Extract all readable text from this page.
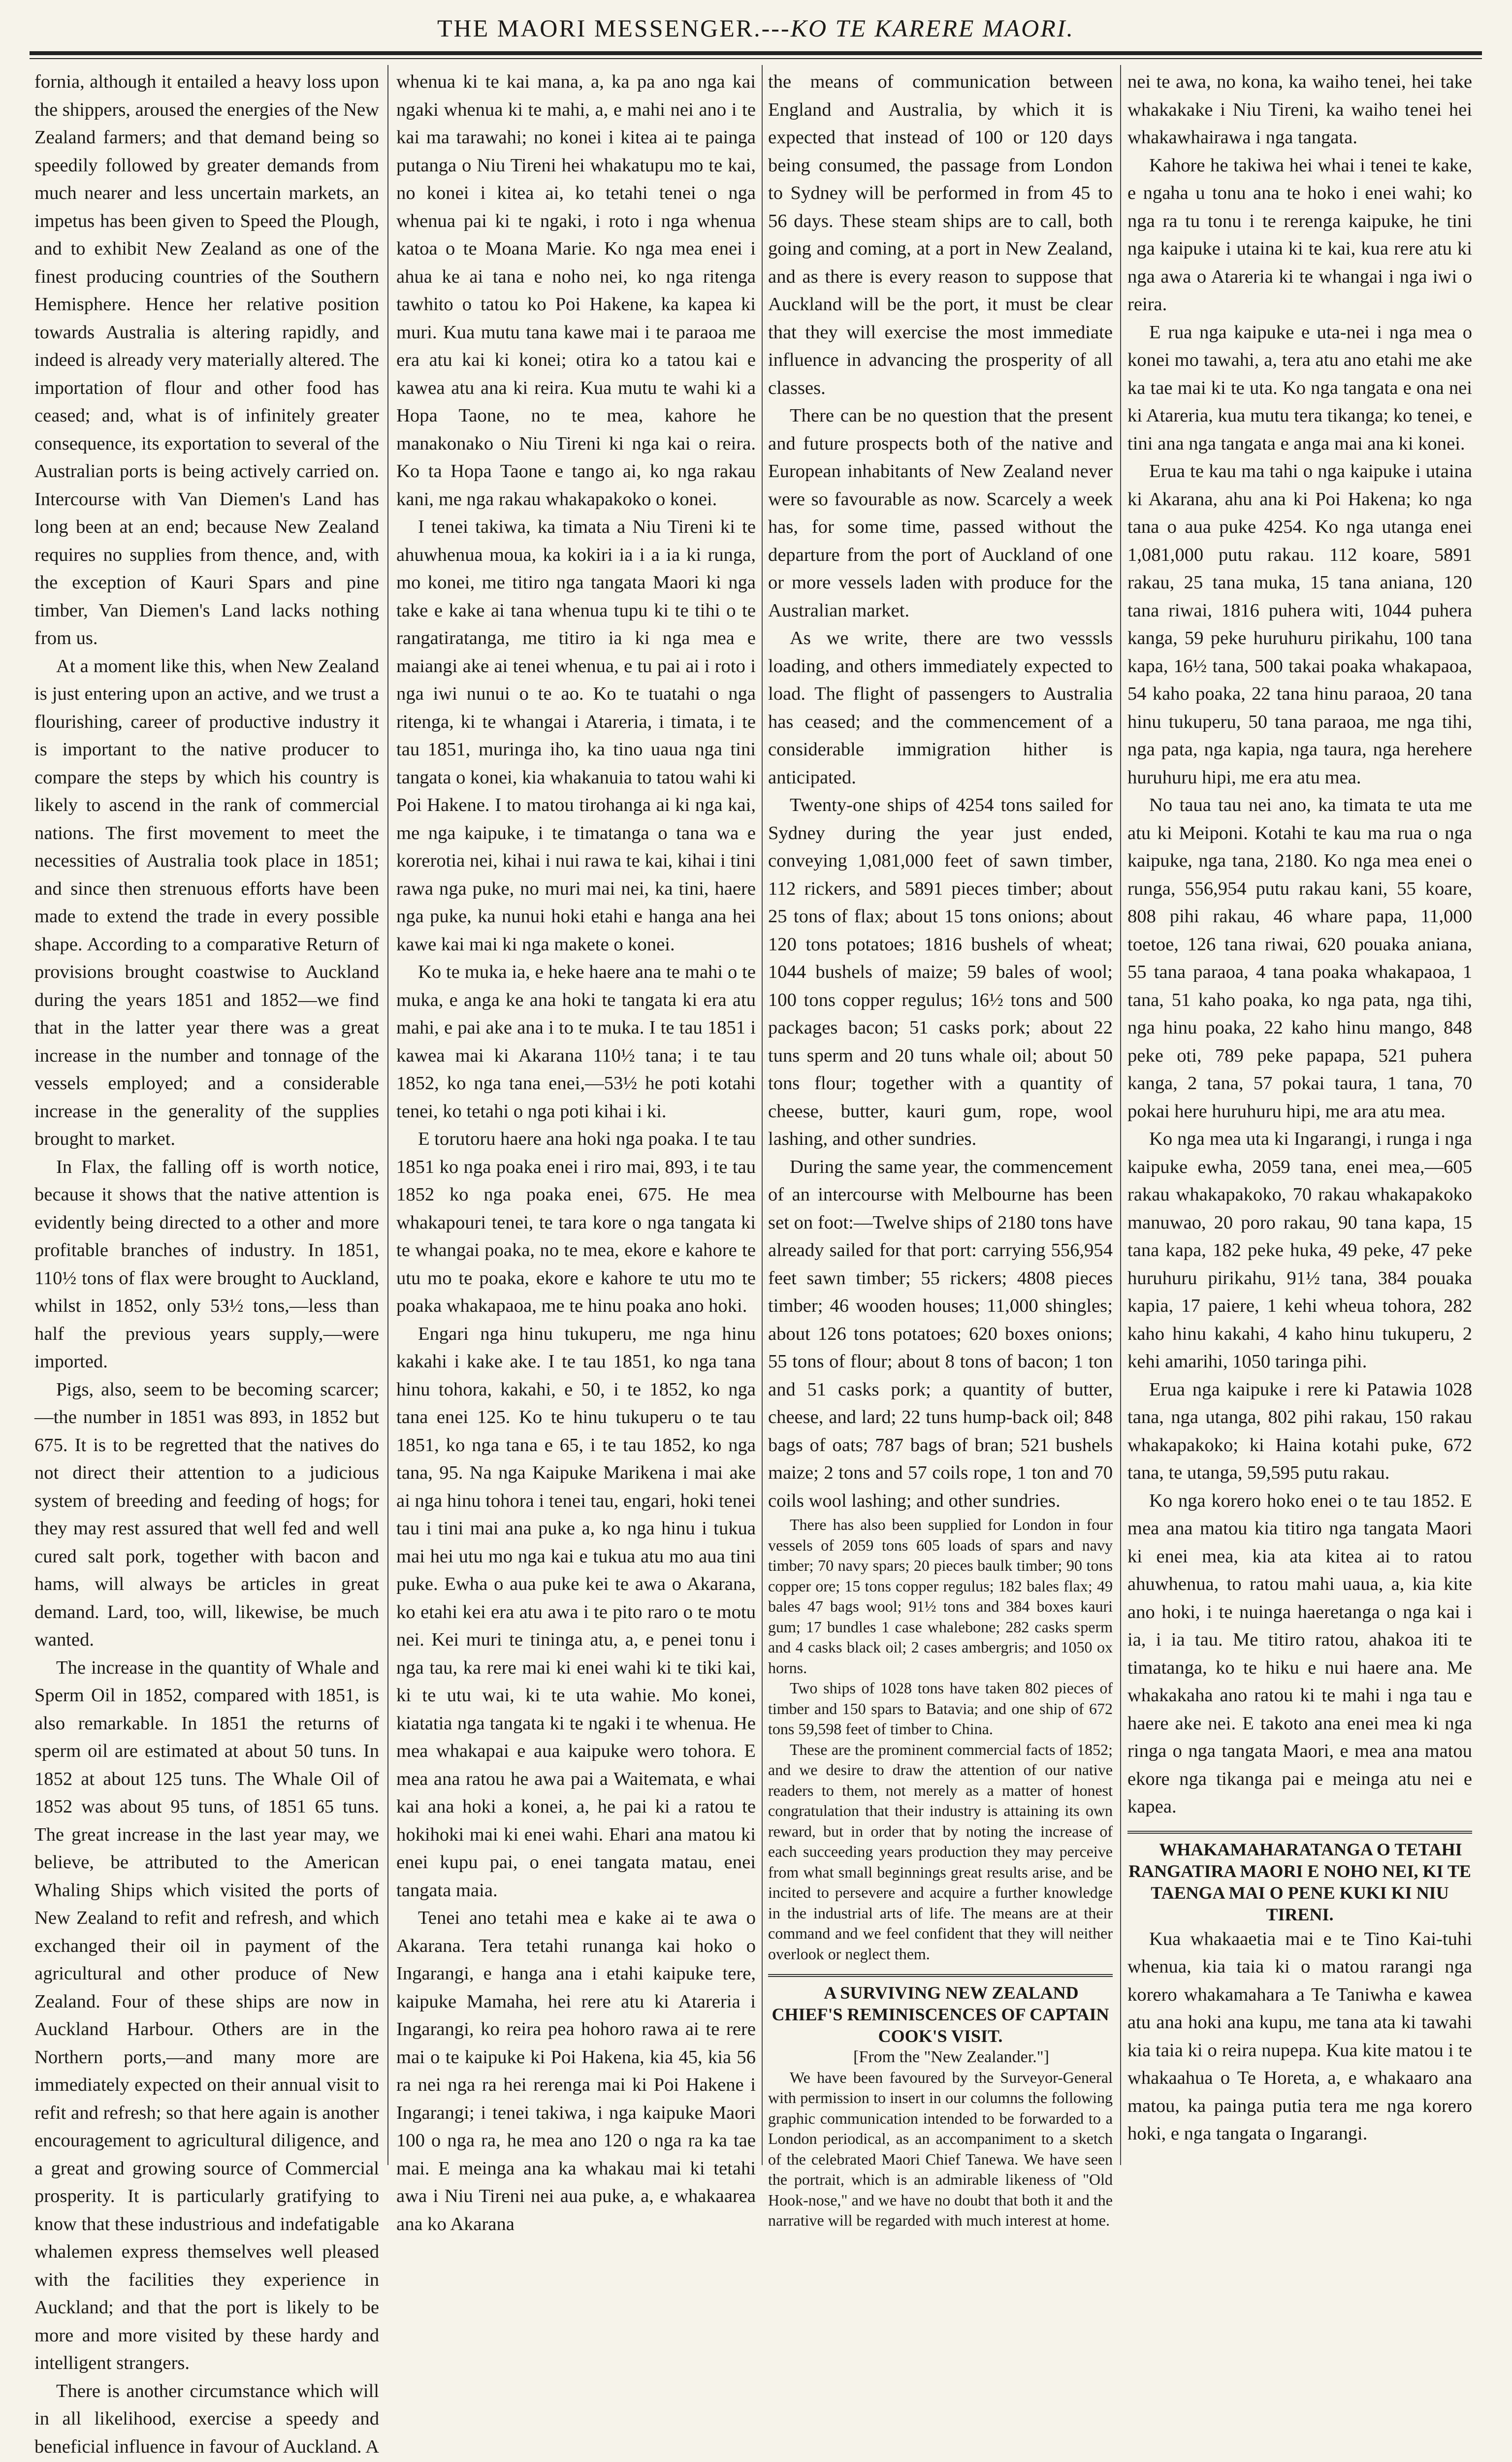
THE MAORI MESSENGER.---KO TE KARERE MAORI.

fornia, although it entailed a heavy loss upon the shippers, aroused the energies of the New Zealand farmers; and that demand being so speedily followed by greater demands from much nearer and less uncertain markets, an impetus has been given to Speed the Plough, and to exhibit New Zealand as one of the finest producing countries of the Southern Hemisphere. Hence her relative position towards Australia is altering rapidly, and indeed is already very materially altered. The importation of flour and other food has ceased; and, what is of infinitely greater consequence, its exportation to several of the Australian ports is being actively carried on. Intercourse with Van Diemen's Land has long been at an end; because New Zealand requires no supplies from thence, and, with the exception of Kauri Spars and pine timber, Van Diemen's Land lacks nothing from us.

At a moment like this, when New Zealand is just entering upon an active, and we trust a flourishing, career of productive industry it is important to the native producer to compare the steps by which his country is likely to ascend in the rank of commercial nations. The first movement to meet the necessities of Australia took place in 1851; and since then strenuous efforts have been made to extend the trade in every possible shape. According to a comparative Return of provisions brought coastwise to Auckland during the years 1851 and 1852—we find that in the latter year there was a great increase in the number and tonnage of the vessels employed; and a considerable increase in the generality of the supplies brought to market.

In Flax, the falling off is worth notice, because it shows that the native attention is evidently being directed to a other and more profitable branches of industry. In 1851, 110½ tons of flax were brought to Auckland, whilst in 1852, only 53½ tons,—less than half the previous years supply,—were imported.

Pigs, also, seem to be becoming scarcer;—the number in 1851 was 893, in 1852 but 675. It is to be regretted that the natives do not direct their attention to a judicious system of breeding and feeding of hogs; for they may rest assured that well fed and well cured salt pork, together with bacon and hams, will always be articles in great demand. Lard, too, will, likewise, be much wanted.

The increase in the quantity of Whale and Sperm Oil in 1852, compared with 1851, is also remarkable. In 1851 the returns of sperm oil are estimated at about 50 tuns. In 1852 at about 125 tuns. The Whale Oil of 1852 was about 95 tuns, of 1851 65 tuns. The great increase in the last year may, we believe, be attributed to the American Whaling Ships which visited the ports of New Zealand to refit and refresh, and which exchanged their oil in payment of the agricultural and other produce of New Zealand. Four of these ships are now in Auckland Harbour. Others are in the Northern ports,—and many more are immediately expected on their annual visit to refit and refresh; so that here again is another encouragement to agricultural diligence, and a great and growing source of Commercial prosperity. It is particularly gratifying to know that these industrious and indefatigable whalemen express themselves well pleased with the facilities they experience in Auckland; and that the port is likely to be more and more visited by these hardy and intelligent strangers.

There is another circumstance which will in all likelihood, exercise a speedy and beneficial influence in favour of Auckland. A

whenua ki te kai mana, a, ka pa ano nga kai ngaki whenua ki te mahi, a, e mahi nei ano i te kai ma tarawahi; no konei i kitea ai te painga putanga o Niu Tireni hei whakatupu mo te kai, no konei i kitea ai, ko tetahi tenei o nga whenua pai ki te ngaki, i roto i nga whenua katoa o te Moana Marie. Ko nga mea enei i ahua ke ai tana e noho nei, ko nga ritenga tawhito o tatou ko Poi Hakene, ka kapea ki muri. Kua mutu tana kawe mai i te paraoa me era atu kai ki konei; otira ko a tatou kai e kawea atu ana ki reira. Kua mutu te wahi ki a Hopa Taone, no te mea, kahore he manakonako o Niu Tireni ki nga kai o reira. Ko ta Hopa Taone e tango ai, ko nga rakau kani, me nga rakau whakapakoko o konei.

I tenei takiwa, ka timata a Niu Tireni ki te ahuwhenua moua, ka kokiri ia i a ia ki runga, mo konei, me titiro nga tangata Maori ki nga take e kake ai tana whenua tupu ki te tihi o te rangatiratanga, me titiro ia ki nga mea e maiangi ake ai tenei whenua, e tu pai ai i roto i nga iwi nunui o te ao. Ko te tuatahi o nga ritenga, ki te whangai i Atareria, i timata, i te tau 1851, muringa iho, ka tino uaua nga tini tangata o konei, kia whakanuia to tatou wahi ki Poi Hakene. I to matou tirohanga ai ki nga kai, me nga kaipuke, i te timatanga o tana wa e korerotia nei, kihai i nui rawa te kai, kihai i tini rawa nga puke, no muri mai nei, ka tini, haere nga puke, ka nunui hoki etahi e hanga ana hei kawe kai mai ki nga makete o konei.

Ko te muka ia, e heke haere ana te mahi o te muka, e anga ke ana hoki te tangata ki era atu mahi, e pai ake ana i to te muka. I te tau 1851 i kawea mai ki Akarana 110½ tana; i te tau 1852, ko nga tana enei,—53½ he poti kotahi tenei, ko tetahi o nga poti kihai i ki.

E torutoru haere ana hoki nga poaka. I te tau 1851 ko nga poaka enei i riro mai, 893, i te tau 1852 ko nga poaka enei, 675. He mea whakapouri tenei, te tara kore o nga tangata ki te whangai poaka, no te mea, ekore e kahore te utu mo te poaka, ekore e kahore te utu mo te poaka whakapaoa, me te hinu poaka ano hoki.

Engari nga hinu tukuperu, me nga hinu kakahi i kake ake. I te tau 1851, ko nga tana hinu tohora, kakahi, e 50, i te 1852, ko nga tana enei 125. Ko te hinu tukuperu o te tau 1851, ko nga tana e 65, i te tau 1852, ko nga tana, 95. Na nga Kaipuke Marikena i mai ake ai nga hinu tohora i tenei tau, engari, hoki tenei tau i tini mai ana puke a, ko nga hinu i tukua mai hei utu mo nga kai e tukua atu mo aua tini puke. Ewha o aua puke kei te awa o Akarana, ko etahi kei era atu awa i te pito raro o te motu nei. Kei muri te tininga atu, a, e penei tonu i nga tau, ka rere mai ki enei wahi ki te tiki kai, ki te utu wai, ki te uta wahie. Mo konei, kiatatia nga tangata ki te ngaki i te whenua. He mea whakapai e aua kaipuke wero tohora. E mea ana ratou he awa pai a Waitemata, e whai kai ana hoki a konei, a, he pai ki a ratou te hokihoki mai ki enei wahi. Ehari ana matou ki enei kupu pai, o enei tangata matau, enei tangata maia.

Tenei ano tetahi mea e kake ai te awa o Akarana. Tera tetahi runanga kai hoko o Ingarangi, e hanga ana i etahi kaipuke tere, kaipuke Mamaha, hei rere atu ki Atareria i Ingarangi, ko reira pea hohoro rawa ai te rere mai o te kaipuke ki Poi Hakena, kia 45, kia 56 ra nei nga ra hei rerenga mai ki Poi Hakene i Ingarangi; i tenei takiwa, i nga kaipuke Maori 100 o nga ra, he mea ano 120 o nga ra ka tae mai. E meinga ana ka whakau mai ki tetahi awa i Niu Tireni nei aua puke, a, e whakaarea ana ko Akarana

the means of communication between England and Australia, by which it is expected that instead of 100 or 120 days being consumed, the passage from London to Sydney will be performed in from 45 to 56 days. These steam ships are to call, both going and coming, at a port in New Zealand, and as there is every reason to suppose that Auckland will be the port, it must be clear that they will exercise the most immediate influence in advancing the prosperity of all classes.

There can be no question that the present and future prospects both of the native and European inhabitants of New Zealand never were so favourable as now. Scarcely a week has, for some time, passed without the departure from the port of Auckland of one or more vessels laden with produce for the Australian market.

As we write, there are two vesssls loading, and others immediately expected to load. The flight of passengers to Australia has ceased; and the commencement of a considerable immigration hither is anticipated.

Twenty-one ships of 4254 tons sailed for Sydney during the year just ended, conveying 1,081,000 feet of sawn timber, 112 rickers, and 5891 pieces timber; about 25 tons of flax; about 15 tons onions; about 120 tons potatoes; 1816 bushels of wheat; 1044 bushels of maize; 59 bales of wool; 100 tons copper regulus; 16½ tons and 500 packages bacon; 51 casks pork; about 22 tuns sperm and 20 tuns whale oil; about 50 tons flour; together with a quantity of cheese, butter, kauri gum, rope, wool lashing, and other sundries.

During the same year, the commencement of an intercourse with Melbourne has been set on foot:—Twelve ships of 2180 tons have already sailed for that port: carrying 556,954 feet sawn timber; 55 rickers; 4808 pieces timber; 46 wooden houses; 11,000 shingles; about 126 tons potatoes; 620 boxes onions; 55 tons of flour; about 8 tons of bacon; 1 ton and 51 casks pork; a quantity of butter, cheese, and lard; 22 tuns hump-back oil; 848 bags of oats; 787 bags of bran; 521 bushels maize; 2 tons and 57 coils rope, 1 ton and 70 coils wool lashing; and other sundries.

There has also been supplied for London in four vessels of 2059 tons 605 loads of spars and navy timber; 70 navy spars; 20 pieces baulk timber; 90 tons copper ore; 15 tons copper regulus; 182 bales flax; 49 bales 47 bags wool; 91½ tons and 384 boxes kauri gum; 17 bundles 1 case whalebone; 282 casks sperm and 4 casks black oil; 2 cases ambergris; and 1050 ox horns.

Two ships of 1028 tons have taken 802 pieces of timber and 150 spars to Batavia; and one ship of 672 tons 59,598 feet of timber to China.

These are the prominent commercial facts of 1852; and we desire to draw the attention of our native readers to them, not merely as a matter of honest congratulation that their industry is attaining its own reward, but in order that by noting the increase of each succeeding years production they may perceive from what small beginnings great results arise, and be incited to persevere and acquire a further knowledge in the industrial arts of life. The means are at their command and we feel confident that they will neither overlook or neglect them.

A SURVIVING NEW ZEALAND CHIEF'S REMINISCENCES OF CAPTAIN COOK'S VISIT.

[From the "New Zealander."]

We have been favoured by the Surveyor-General with permission to insert in our columns the following graphic communication intended to be forwarded to a London periodical, as an accompaniment to a sketch of the celebrated Maori Chief Tanewa. We have seen the portrait, which is an admirable likeness of "Old Hook-nose," and we have no doubt that both it and the narrative will be regarded with much interest at home.

nei te awa, no kona, ka waiho tenei, hei take whakakake i Niu Tireni, ka waiho tenei hei whakawhairawa i nga tangata.

Kahore he takiwa hei whai i tenei te kake, e ngaha u tonu ana te hoko i enei wahi; ko nga ra tu tonu i te rerenga kaipuke, he tini nga kaipuke i utaina ki te kai, kua rere atu ki nga awa o Atareria ki te whangai i nga iwi o reira.

E rua nga kaipuke e uta-nei i nga mea o konei mo tawahi, a, tera atu ano etahi me ake ka tae mai ki te uta. Ko nga tangata e ona nei ki Atareria, kua mutu tera tikanga; ko tenei, e tini ana nga tangata e anga mai ana ki konei.

Erua te kau ma tahi o nga kaipuke i utaina ki Akarana, ahu ana ki Poi Hakena; ko nga tana o aua puke 4254. Ko nga utanga enei 1,081,000 putu rakau. 112 koare, 5891 rakau, 25 tana muka, 15 tana aniana, 120 tana riwai, 1816 puhera witi, 1044 puhera kanga, 59 peke huruhuru pirikahu, 100 tana kapa, 16½ tana, 500 takai poaka whakapaoa, 54 kaho poaka, 22 tana hinu paraoa, 20 tana hinu tukuperu, 50 tana paraoa, me nga tihi, nga pata, nga kapia, nga taura, nga herehere huruhuru hipi, me era atu mea.

No taua tau nei ano, ka timata te uta me atu ki Meiponi. Kotahi te kau ma rua o nga kaipuke, nga tana, 2180. Ko nga mea enei o runga, 556,954 putu rakau kani, 55 koare, 808 pihi rakau, 46 whare papa, 11,000 toetoe, 126 tana riwai, 620 pouaka aniana, 55 tana paraoa, 4 tana poaka whakapaoa, 1 tana, 51 kaho poaka, ko nga pata, nga tihi, nga hinu poaka, 22 kaho hinu mango, 848 peke oti, 789 peke papapa, 521 puhera kanga, 2 tana, 57 pokai taura, 1 tana, 70 pokai here huruhuru hipi, me ara atu mea.

Ko nga mea uta ki Ingarangi, i runga i nga kaipuke ewha, 2059 tana, enei mea,—605 rakau whakapakoko, 70 rakau whakapakoko manuwao, 20 poro rakau, 90 tana kapa, 15 tana kapa, 182 peke huka, 49 peke, 47 peke huruhuru pirikahu, 91½ tana, 384 pouaka kapia, 17 paiere, 1 kehi wheua tohora, 282 kaho hinu kakahi, 4 kaho hinu tukuperu, 2 kehi amarihi, 1050 taringa pihi.

Erua nga kaipuke i rere ki Patawia 1028 tana, nga utanga, 802 pihi rakau, 150 rakau whakapakoko; ki Haina kotahi puke, 672 tana, te utanga, 59,595 putu rakau.

Ko nga korero hoko enei o te tau 1852. E mea ana matou kia titiro nga tangata Maori ki enei mea, kia ata kitea ai to ratou ahuwhenua, to ratou mahi uaua, a, kia kite ano hoki, i te nuinga haeretanga o nga kai i ia, i ia tau. Me titiro ratou, ahakoa iti te timatanga, ko te hiku e nui haere ana. Me whakakaha ano ratou ki te mahi i nga tau e haere ake nei. E takoto ana enei mea ki nga ringa o nga tangata Maori, e mea ana matou ekore nga tikanga pai e meinga atu nei e kapea.

WHAKAMAHARATANGA O TETAHI RANGATIRA MAORI E NOHO NEI, KI TE TAENGA MAI O PENE KUKI KI NIU TIRENI.

Kua whakaaetia mai e te Tino Kai-tuhi whenua, kia taia ki o matou rarangi nga korero whakamahara a Te Taniwha e kawea atu ana hoki ana kupu, me tana ata ki tawahi kia taia ki o reira nupepa. Kua kite matou i te whakaahua o Te Horeta, a, e whakaaro ana matou, ka painga putia tera me nga korero hoki, e nga tangata o Ingarangi.
